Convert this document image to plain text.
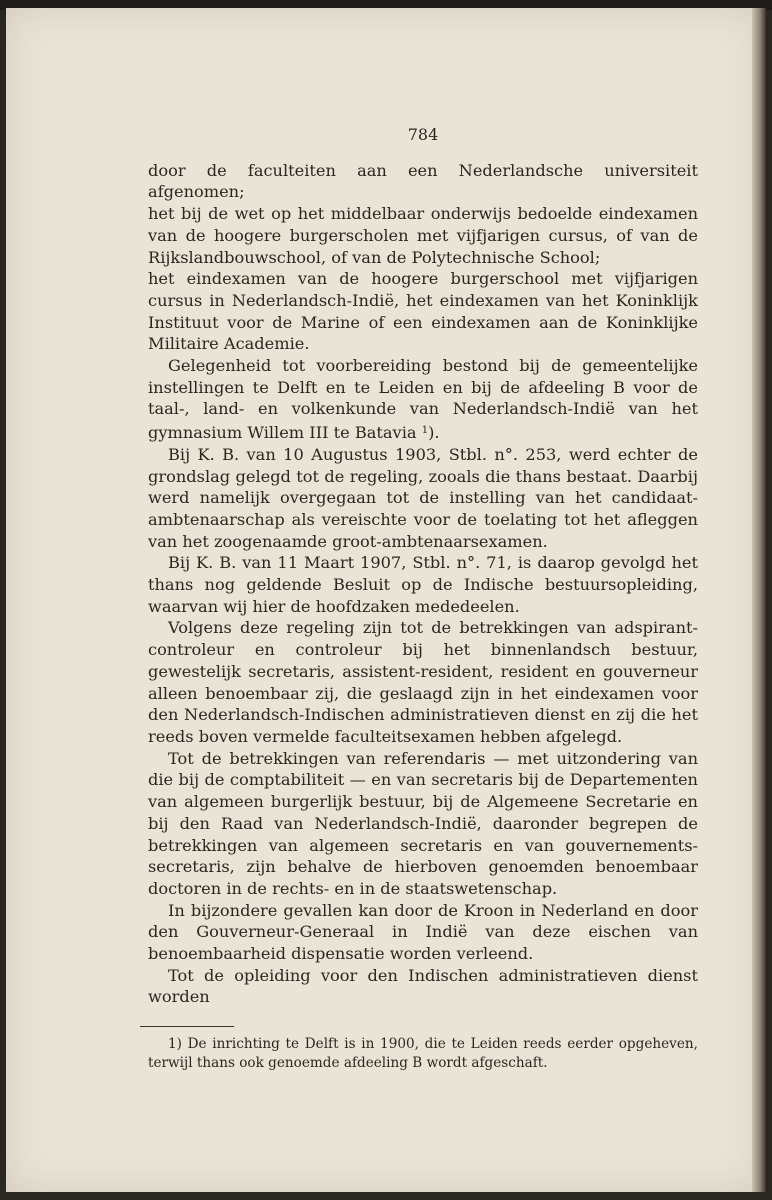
784

door de faculteiten aan een Nederlandsche universiteit afgenomen;

het bij de wet op het middelbaar onderwijs bedoelde eindexamen van de hoogere burgerscholen met vijfjarigen cursus, of van de Rijkslandbouwschool, of van de Polytechnische School;

het eindexamen van de hoogere burgerschool met vijfjarigen cursus in Nederlandsch-Indië, het eindexamen van het Koninklijk Instituut voor de Marine of een eindexamen aan de Koninklijke Militaire Academie.

Gelegenheid tot voorbereiding bestond bij de gemeentelijke instellingen te Delft en te Leiden en bij de afdeeling B voor de taal-, land- en volkenkunde van Nederlandsch-Indië van het gymnasium Willem III te Batavia $^1$).

Bij K. B. van 10 Augustus 1903, Stbl. n°. 253, werd echter de grondslag gelegd tot de regeling, zooals die thans bestaat. Daarbij werd namelijk overgegaan tot de instelling van het candidaat-ambtenaarschap als vereischte voor de toelating tot het afleggen van het zoogenaamde groot-ambtenaarsexamen.

Bij K. B. van 11 Maart 1907, Stbl. n°. 71, is daarop gevolgd het thans nog geldende Besluit op de Indische bestuursopleiding, waarvan wij hier de hoofdzaken mededeelen.

Volgens deze regeling zijn tot de betrekkingen van adspirant-controleur en controleur bij het binnenlandsch bestuur, gewestelijk secretaris, assistent-resident, resident en gouverneur alleen benoembaar zij, die geslaagd zijn in het eindexamen voor den Nederlandsch-Indischen administratieven dienst en zij die het reeds boven vermelde faculteitsexamen hebben afgelegd.

Tot de betrekkingen van referendaris — met uitzondering van die bij de comptabiliteit — en van secretaris bij de Departementen van algemeen burgerlijk bestuur, bij de Algemeene Secretarie en bij den Raad van Nederlandsch-Indië, daaronder begrepen de betrekkingen van algemeen secretaris en van gouvernements-secretaris, zijn behalve de hierboven genoemden benoembaar doctoren in de rechts- en in de staatswetenschap.

In bijzondere gevallen kan door de Kroon in Nederland en door den Gouverneur-Generaal in Indië van deze eischen van benoembaarheid dispensatie worden verleend.

Tot de opleiding voor den Indischen administratieven dienst worden

1) De inrichting te Delft is in 1900, die te Leiden reeds eerder opgeheven, terwijl thans ook genoemde afdeeling B wordt afgeschaft.
